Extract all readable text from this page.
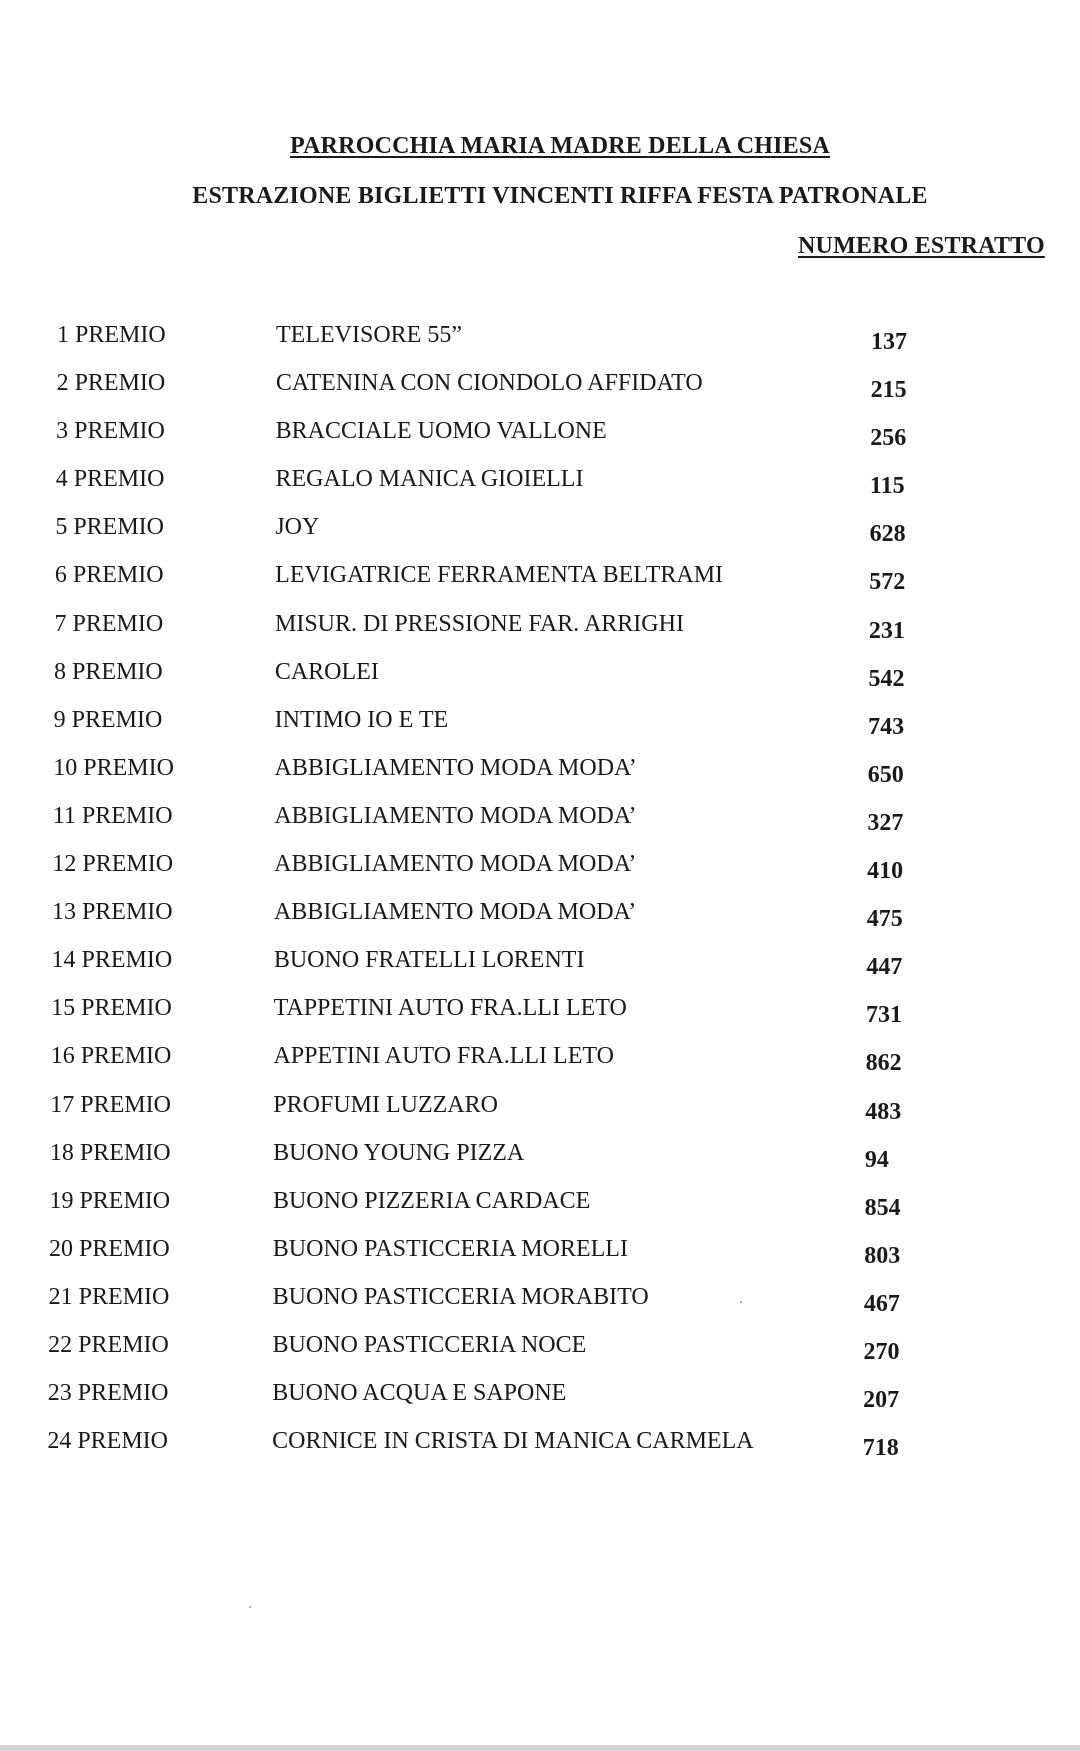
PARROCCHIA MARIA MADRE DELLA CHIESA
ESTRAZIONE BIGLIETTI VINCENTI RIFFA FESTA PATRONALE
NUMERO ESTRATTO
1 PREMIO	TELEVISORE 55”	137
2 PREMIO	CATENINA CON CIONDOLO AFFIDATO	215
3 PREMIO	BRACCIALE UOMO VALLONE	256
4 PREMIO	REGALO MANICA GIOIELLI	115
5 PREMIO	JOY	628
6 PREMIO	LEVIGATRICE FERRAMENTA BELTRAMI	572
7 PREMIO	MISUR. DI PRESSIONE FAR. ARRIGHI	231
8 PREMIO	CAROLEI	542
9 PREMIO	INTIMO IO E TE	743
10 PREMIO	ABBIGLIAMENTO MODA MODA’	650
11 PREMIO	ABBIGLIAMENTO MODA MODA’	327
12 PREMIO	ABBIGLIAMENTO MODA MODA’	410
13 PREMIO	ABBIGLIAMENTO MODA MODA’	475
14 PREMIO	BUONO FRATELLI LORENTI	447
15 PREMIO	TAPPETINI AUTO FRA.LLI LETO	731
16 PREMIO	APPETINI AUTO FRA.LLI LETO	862
17 PREMIO	PROFUMI LUZZARO	483
18 PREMIO	BUONO YOUNG PIZZA	94
19 PREMIO	BUONO PIZZERIA CARDACE	854
20 PREMIO	BUONO PASTICCERIA MORELLI	803
21 PREMIO	BUONO PASTICCERIA MORABITO	467
22 PREMIO	BUONO PASTICCERIA NOCE	270
23 PREMIO	BUONO ACQUA E SAPONE	207
24 PREMIO	CORNICE IN CRISTA DI MANICA CARMELA	718
